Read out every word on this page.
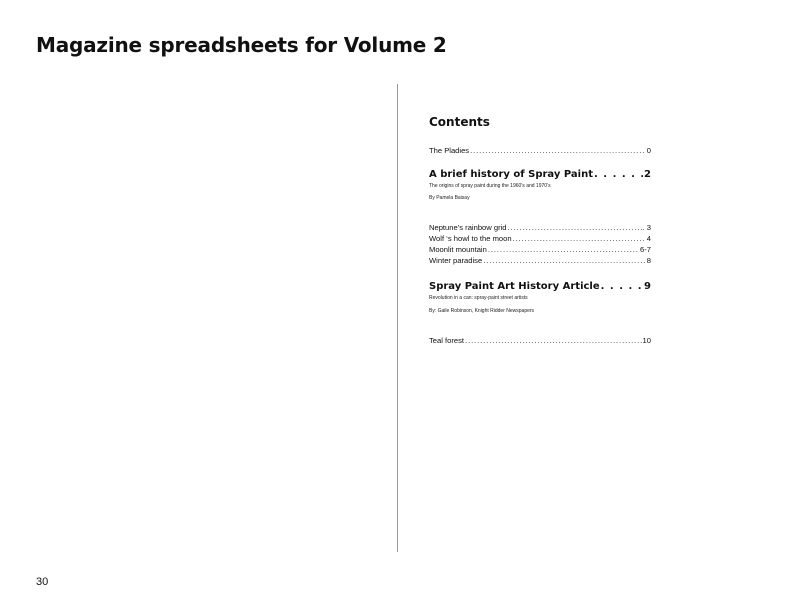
Magazine spreadsheets for Volume 2
Contents
The Pladies . . .	0
A brief history of Spray Paint . . .	2
The origins of spray paint during the 1960’s and 1970’s
By Pamela Baisay
Neptune’s rainbow grid . . .	. 3
Wolf ‘s howl to the moon . . .	4
Moonlit mountain . . .	6-7
Winter paradise . . .	8
Spray Paint Art History Article . . .	9
Revolution in a can: spray-paint street artists
By: Gaile Robinson, Knight Ridder Newspapers
Teal forest . . .	10
30
